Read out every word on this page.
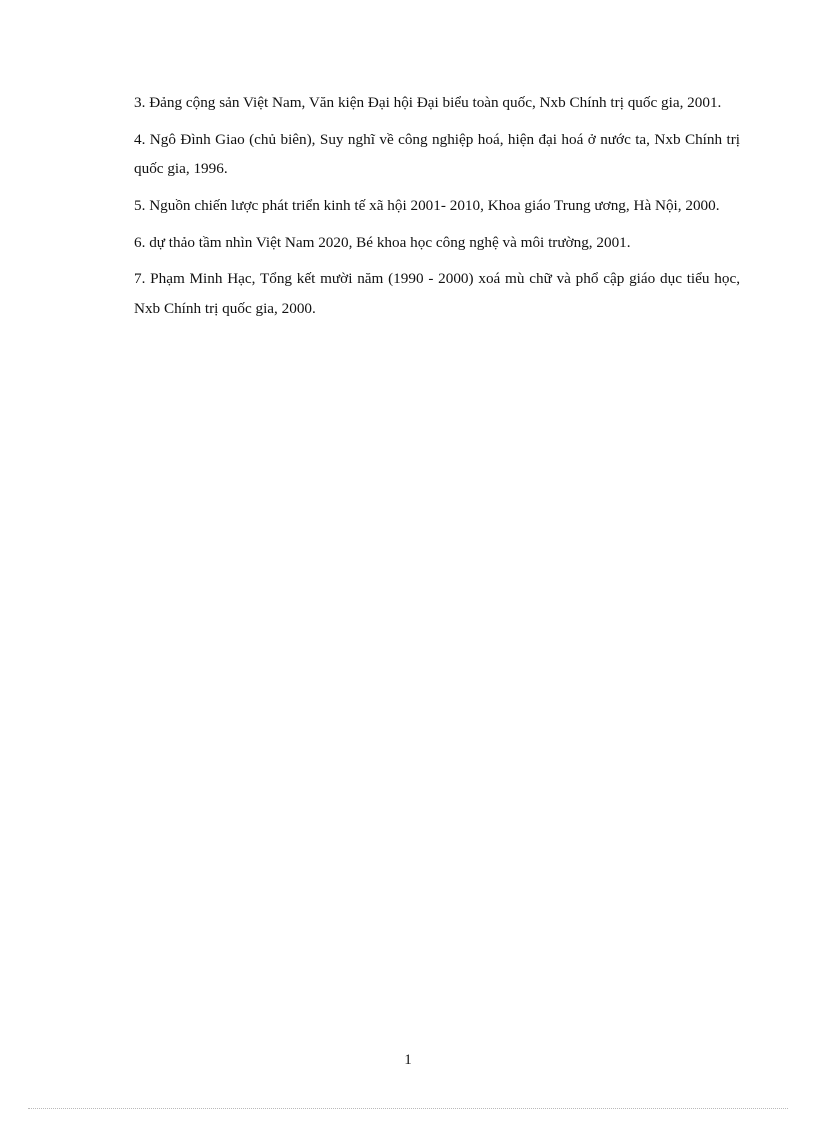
3. Đảng cộng sản Việt Nam, Văn kiện Đại hội Đại biểu toàn quốc, Nxb Chính trị quốc gia, 2001.

4. Ngô Đình Giao (chủ biên), Suy nghĩ về công nghiệp hoá, hiện đại hoá ở nước ta, Nxb Chính trị quốc gia, 1996.

5. Nguồn chiến lược phát triển kinh tế xã hội 2001- 2010, Khoa giáo Trung ương, Hà Nội, 2000.

6. dự thảo tầm nhìn Việt Nam 2020, Bé khoa học công nghệ và môi trường, 2001.

7. Phạm Minh Hạc, Tổng kết mười năm (1990 - 2000) xoá mù chữ và phổ cập giáo dục tiểu học, Nxb Chính trị quốc gia, 2000.

1
